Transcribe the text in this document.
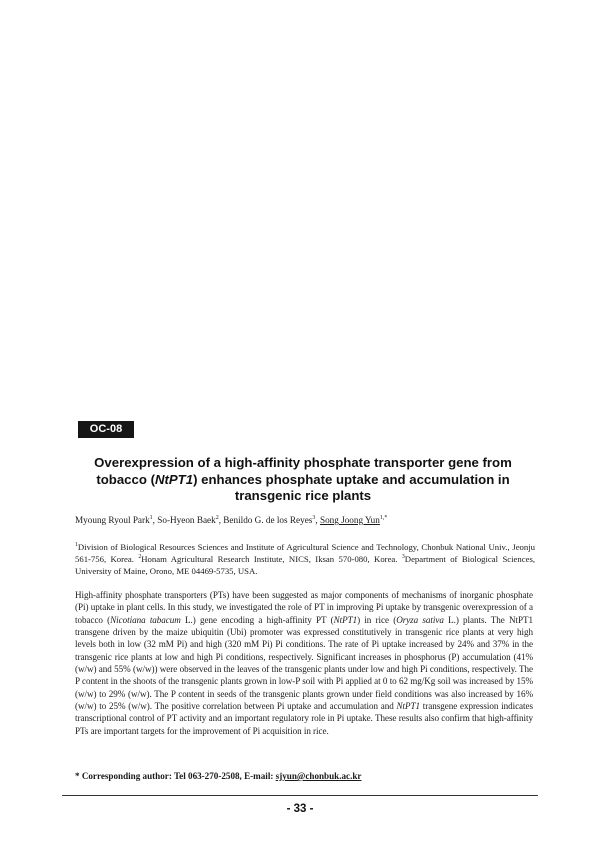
OC-08
Overexpression of a high-affinity phosphate transporter gene from
tobacco (NtPT1) enhances phosphate uptake and accumulation in
transgenic rice plants
Myoung Ryoul Park$^1$, So-Hyeon Baek$^2$, Benildo G. de los Reyes$^3$, Song Joong Yun$^{1,*}$
$^1$Division of Biological Resources Sciences and Institute of Agricultural Science and Technology, Chonbuk National Univ., Jeonju 561-756, Korea. $^2$Honam Agricultural Research Institute, NICS, Iksan 570-080, Korea. $^3$Department of Biological Sciences, University of Maine, Orono, ME 04469-5735, USA.
High-affinity phosphate transporters (PTs) have been suggested as major components of mechanisms of inorganic phosphate (Pi) uptake in plant cells. In this study, we investigated the role of PT in improving Pi uptake by transgenic overexpression of a tobacco (Nicotiana tabacum L.) gene encoding a high-affinity PT (NtPT1) in rice (Oryza sativa L.) plants. The NtPT1 transgene driven by the maize ubiquitin (Ubi) promoter was expressed constitutively in transgenic rice plants at very high levels both in low (32 mM Pi) and high (320 mM Pi) Pi conditions. The rate of Pi uptake increased by 24% and 37% in the transgenic rice plants at low and high Pi conditions, respectively. Significant increases in phosphorus (P) accumulation (41% (w/w) and 55% (w/w)) were observed in the leaves of the transgenic plants under low and high Pi conditions, respectively. The P content in the shoots of the transgenic plants grown in low-P soil with Pi applied at 0 to 62 mg/Kg soil was increased by 15% (w/w) to 29% (w/w). The P content in seeds of the transgenic plants grown under field conditions was also increased by 16% (w/w) to 25% (w/w). The positive correlation between Pi uptake and accumulation and NtPT1 transgene expression indicates transcriptional control of PT activity and an important regulatory role in Pi uptake. These results also confirm that high-affinity PTs are important targets for the improvement of Pi acquisition in rice.
* Corresponding author: Tel 063-270-2508, E-mail: sjyun@chonbuk.ac.kr
- 33 -
